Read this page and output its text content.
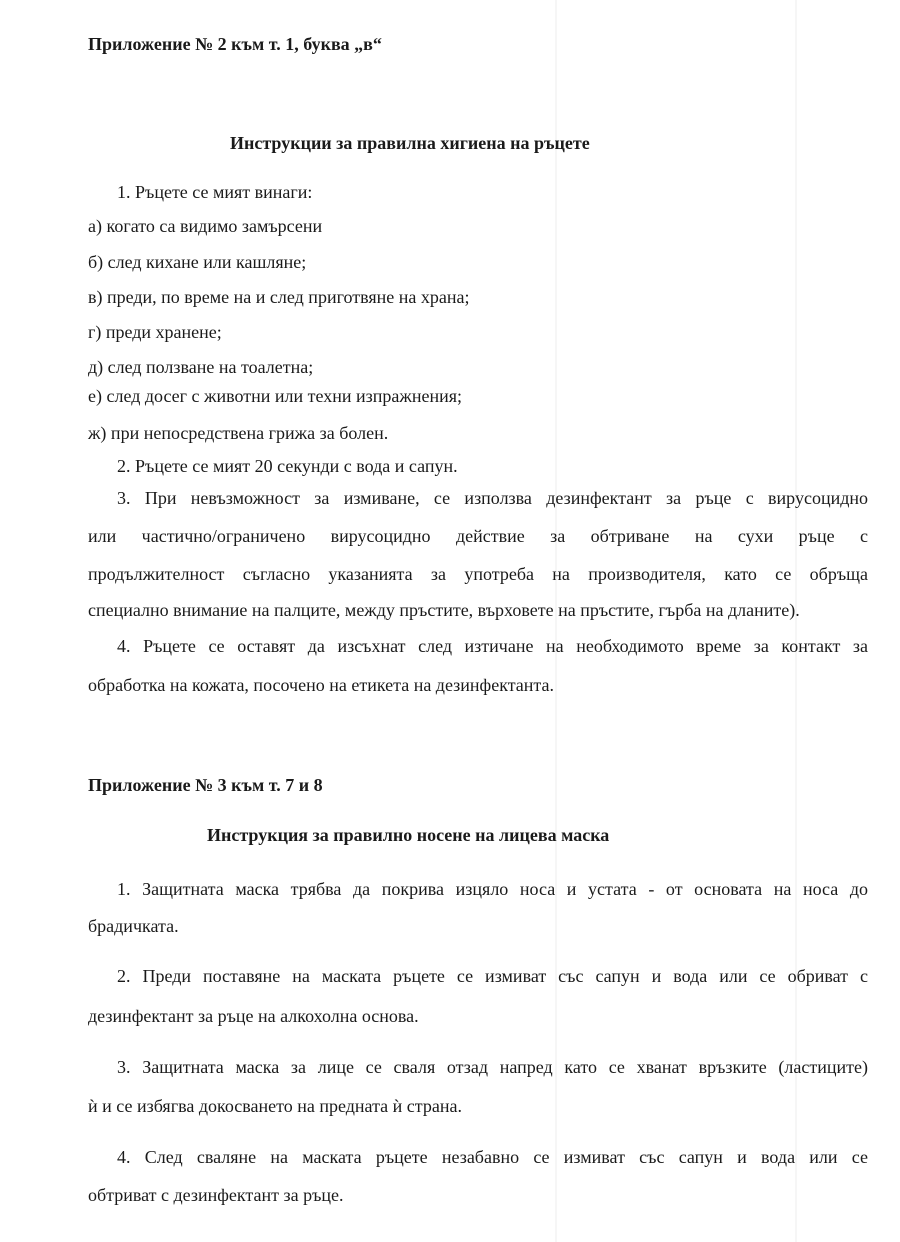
Приложение № 2 към т. 1, буква „в“

Инструкции за правилна хигиена на ръцете

1. Ръцете се мият винаги:

а) когато са видимо замърсени

б) след кихане или кашляне;

в) преди, по време на и след приготвяне на храна;

г) преди хранене;

д) след ползване на тоалетна;

е) след досег с животни или техни изпражнения;

ж) при непосредствена грижа за болен.

2. Ръцете се мият 20 секунди с вода и сапун.

3. При невъзможност за измиване, се използва дезинфектант за ръце с вирусоцидно

или частично/ограничено вирусоцидно действие за обтриване на сухи ръце с

продължителност съгласно указанията за употреба на производителя, като се обръща

специално внимание на палците, между пръстите, върховете на пръстите, гърба на дланите).

4. Ръцете се оставят да изсъхнат след изтичане на необходимото време за контакт за

обработка на кожата, посочено на етикета на дезинфектанта.

Приложение № 3 към т. 7 и 8

Инструкция за правилно носене на лицева маска

1. Защитната маска трябва да покрива изцяло носа и устата - от основата на носа до

брадичката.

2. Преди поставяне на маската ръцете се измиват със сапун и вода или се обриват с

дезинфектант за ръце на алкохолна основа.

3. Защитната маска за лице се сваля отзад напред като се хванат връзките (ластиците)

ѝ и се избягва докосването на предната ѝ страна.

4. След сваляне на маската ръцете незабавно се измиват със сапун и вода или се

обтриват с дезинфектант за ръце.
